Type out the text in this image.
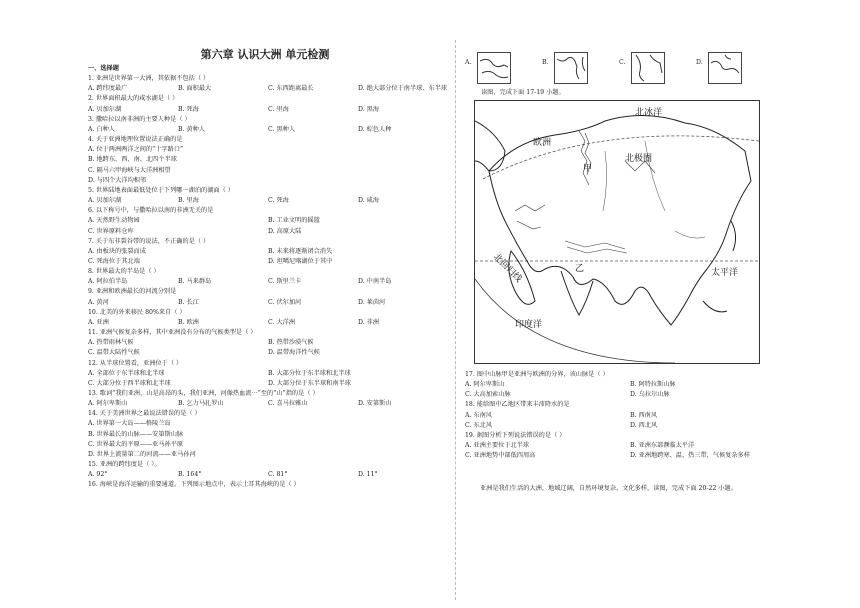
第六章 认识大洲 单元检测
一、选择题
1. 亚洲是世界第一大洲，其依据不包括（ ）
A. 跨纬度最广	B. 面积最大	C. 东西距离最长	D. 绝大部分位于南半球、东半球
2. 世界面积最大的咸水湖是（ ）
A. 贝加尔湖	B. 死海	C. 里海	D. 黑海
3. 撒哈拉以南非洲的主要人种是（ ）
A. 白种人	B. 黄种人	C. 黑种人	D. 棕色人种
4. 关于亚洲地理位置说法正确的是
A. 位于两洲两洋之间的“十字路口”
B. 地跨东、西、南、北四个半球
C. 隔马六甲海峡与大洋洲相望
D. 与四个大洋均相邻
5. 世界陆地表面最低处位于下列哪一湖泊的湖面（ ）
A. 贝加尔湖	B. 里海	C. 死海	D. 咸海
6. 以下称号中，与撒哈拉以南的非洲无关的是
A. 天然野生动物园	B. 工业文明的摇篮
C. 世界原料仓库	D. 高原大陆
7. 关于东非裂谷带的说法，不正确的是（ ）
A. 由板块的张裂而成	B. 未来将逐渐闭合消失
C. 死海位于其北端	D. 坦噶尼喀湖位于其中
8. 世界最大的半岛是（ ）
A. 阿拉伯半岛	B. 马来群岛	C. 斯里兰卡	D. 中南半岛
9. 亚洲和欧洲最长的河流分别是
A. 黄河	B. 长江	C. 伏尔加河	D. 莱茵河
10. 北美的外来移民 80%来自（ ）
A. 亚洲	B. 欧洲	C. 大洋洲	D. 非洲
11. 亚洲气候复杂多样，其中亚洲没有分布的气候类型是（ ）
A. 热带雨林气候	B. 热带沙漠气候
C. 温带大陆性气候	D. 温带海洋性气候
12. 从半球位置看，亚洲位于（ ）
A. 全部位于东半球和北半球	B. 大部分位于东半球和北半球
C. 大部分位于西半球和北半球	D. 大部分位于东半球和南半球
13. 歌词“我们亚洲，山是高昂的头，我们亚洲，河像热血流⋯”至的“山”指的是（ ）
A. 阿尔卑斯山	B. 乞力马扎罗山	C. 喜马拉雅山	D. 安第斯山
14. 关于美洲世界之最说法错误的是（ ）
A. 世界第一大岛——格陵兰岛
B. 世界最长的山脉——安第斯山脉
C. 世界最大的平原——亚马孙平原
D. 世界上流量第二的河流——亚马孙河
15. 亚洲的跨纬度是（ ）。
A. 92°	B. 164°	C. 81°	D. 11°
16. 海峡是海洋运输的重要通道。下列图示地点中，表示土耳其海峡的是（ ）
A.	B.	C.	D.
读图，完成下面 17-19 小题。
北冰洋
欧洲
北极圈
甲
乙
北回归线	太平洋
印度洋
17. 图中山脉甲是亚洲与欧洲的分界，该山脉是（ ）
A. 阿尔卑斯山	B. 阿特拉斯山脉
C. 大高加索山脉	D. 乌拉尔山脉
18. 能给图中乙地区带来丰沛降水的是
A. 东南风	B. 西南风
C. 东北风	D. 西北风
19. 据图分析下列说法错误的是（ ）
A. 亚洲主要位于北半球	B. 亚洲东部濒临太平洋
C. 亚洲地势中部低四周高	D. 亚洲地跨寒、温、热三带，气候复杂多样
亚洲是我们生活的大洲，地域辽阔，自然环境复杂，文化多样，读图，完成下面 20-22 小题。
